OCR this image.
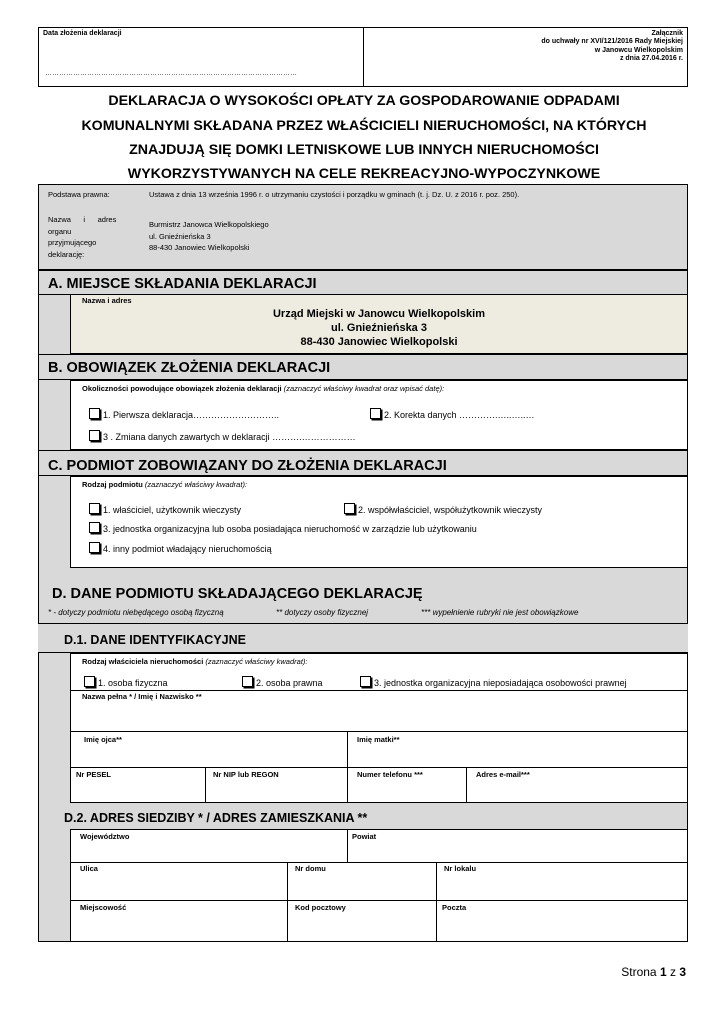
Data złożenia deklaracji
………………………………………………………………………………………………
Załącznik
do uchwały nr XVI/121/2016 Rady Miejskiej
w Janowcu Wielkopolskim
z dnia 27.04.2016 r.
DEKLARACJA O WYSOKOŚCI OPŁATY ZA GOSPODAROWANIE ODPADAMI
KOMUNALNYMI SKŁADANA PRZEZ WŁAŚCICIELI NIERUCHOMOŚCI, NA KTÓRYCH
ZNAJDUJĄ SIĘ DOMKI LETNISKOWE LUB INNYCH NIERUCHOMOŚCI
WYKORZYSTYWANYCH NA CELE REKREACYJNO-WYPOCZYNKOWE
Podstawa prawna:	Ustawa z dnia 13 września 1996 r. o utrzymaniu czystości i porządku w gminach (t. j. Dz. U. z 2016 r. poz. 250).
Nazwa      i      adres
organu
przyjmującego
deklarację:
Burmistrz Janowca Wielkopolskiego
ul. Gnieźnieńska 3
88-430 Janowiec Wielkopolski
A. MIEJSCE SKŁADANIA DEKLARACJI
Nazwa i adres
Urząd Miejski w Janowcu Wielkopolskim
ul. Gnieźnieńska 3
88-430 Janowiec Wielkopolski
B. OBOWIĄZEK ZŁOŻENIA DEKLARACJI
Okoliczności powodujące obowiązek złożenia deklaracji (zaznaczyć właściwy kwadrat oraz wpisać datę):
1. Pierwsza deklaracja………………………..	2. Korekta danych ………….…..…..…
3 . Zmiana danych zawartych w deklaracji ……….………………
C. PODMIOT ZOBOWIĄZANY DO ZŁOŻENIA DEKLARACJI
Rodzaj podmiotu (zaznaczyć właściwy kwadrat):
1. właściciel, użytkownik wieczysty	2. współwłaściciel, współużytkownik wieczysty
3. jednostka organizacyjna lub osoba posiadająca nieruchomość w zarządzie lub użytkowaniu
4. inny podmiot władający nieruchomością
D. DANE PODMIOTU SKŁADAJĄCEGO DEKLARACJĘ
* - dotyczy podmiotu niebędącego osobą fizyczną	** dotyczy osoby fizycznej	*** wypełnienie rubryki nie jest obowiązkowe
D.1. DANE IDENTYFIKACYJNE
Rodzaj właściciela nieruchomości (zaznaczyć właściwy kwadrat):
1. osoba fizyczna	2. osoba prawna	3. jednostka organizacyjna nieposiadająca osobowości prawnej
Nazwa pełna * / Imię i Nazwisko **
Imię ojca**	Imię matki**
Nr PESEL	Nr NIP lub REGON	Numer telefonu ***	Adres e-mail***
D.2. ADRES SIEDZIBY * / ADRES ZAMIESZKANIA **
Województwo	Powiat
Ulica	Nr domu	Nr lokalu
Miejscowość	Kod pocztowy	Poczta
Strona 1 z 3
